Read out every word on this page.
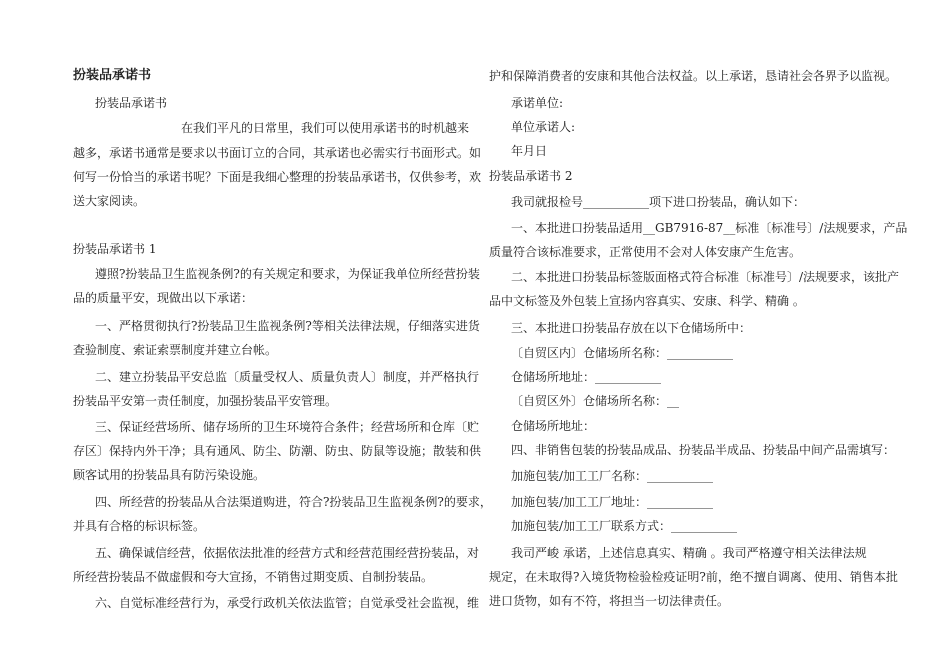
扮装品承诺书
扮装品承诺书
在我们平凡的日常里，我们可以使用承诺书的时机越来
越多，承诺书通常是要求以书面订立的合同，其承诺也必需实行书面形式。如
何写一份恰当的承诺书呢？下面是我细心整理的扮装品承诺书，仅供参考，欢
送大家阅读。
扮装品承诺书 1
遵照?扮装品卫生监视条例?的有关规定和要求，为保证我单位所经营扮装
品的质量平安，现做出以下承诺：
一、严格贯彻执行?扮装品卫生监视条例?等相关法律法规，仔细落实进货
查验制度、索证索票制度并建立台帐。
二、建立扮装品平安总监〔质量受权人、质量负责人〕制度，并严格执行
扮装品平安第一责任制度，加强扮装品平安管理。
三、保证经营场所、储存场所的卫生环境符合条件；经营场所和仓库〔贮
存区〕保持内外干净；具有通风、防尘、防潮、防虫、防鼠等设施；散装和供
顾客试用的扮装品具有防污染设施。
四、所经营的扮装品从合法渠道购进，符合?扮装品卫生监视条例?的要求，
并具有合格的标识标签。
五、确保诚信经营，依据依法批准的经营方式和经营范围经营扮装品，对
所经营扮装品不做虚假和夸大宣扬，不销售过期变质、自制扮装品。
六、自觉标准经营行为，承受行政机关依法监管；自觉承受社会监视，维
护和保障消费者的安康和其他合法权益。以上承诺，恳请社会各界予以监视。
承诺单位:
单位承诺人:
年月日
扮装品承诺书 2
我司就报检号___________项下进口扮装品，确认如下：
一、本批进口扮装品适用__GB7916-87__标准〔标准号〕/法规要求，产品
质量符合该标准要求，正常使用不会对人体安康产生危害。
二、本批进口扮装品标签版面格式符合标准〔标准号〕/法规要求，该批产
品中文标签及外包装上宣扬内容真实、安康、科学、精确 。
三、本批进口扮装品存放在以下仓储场所中：
〔自贸区内〕仓储场所名称：___________
仓储场所地址：___________
〔自贸区外〕仓储场所名称：__
仓储场所地址：
四、非销售包装的扮装品成品、扮装品半成品、扮装品中间产品需填写：
加施包装/加工工厂名称：___________
加施包装/加工工厂地址：___________
加施包装/加工工厂联系方式：___________
我司严峻 承诺，上述信息真实、精确 。我司严格遵守相关法律法规
规定，在未取得?入境货物检验检疫证明?前，绝不擅自调离、使用、销售本批
进口货物，如有不符，将担当一切法律责任。
